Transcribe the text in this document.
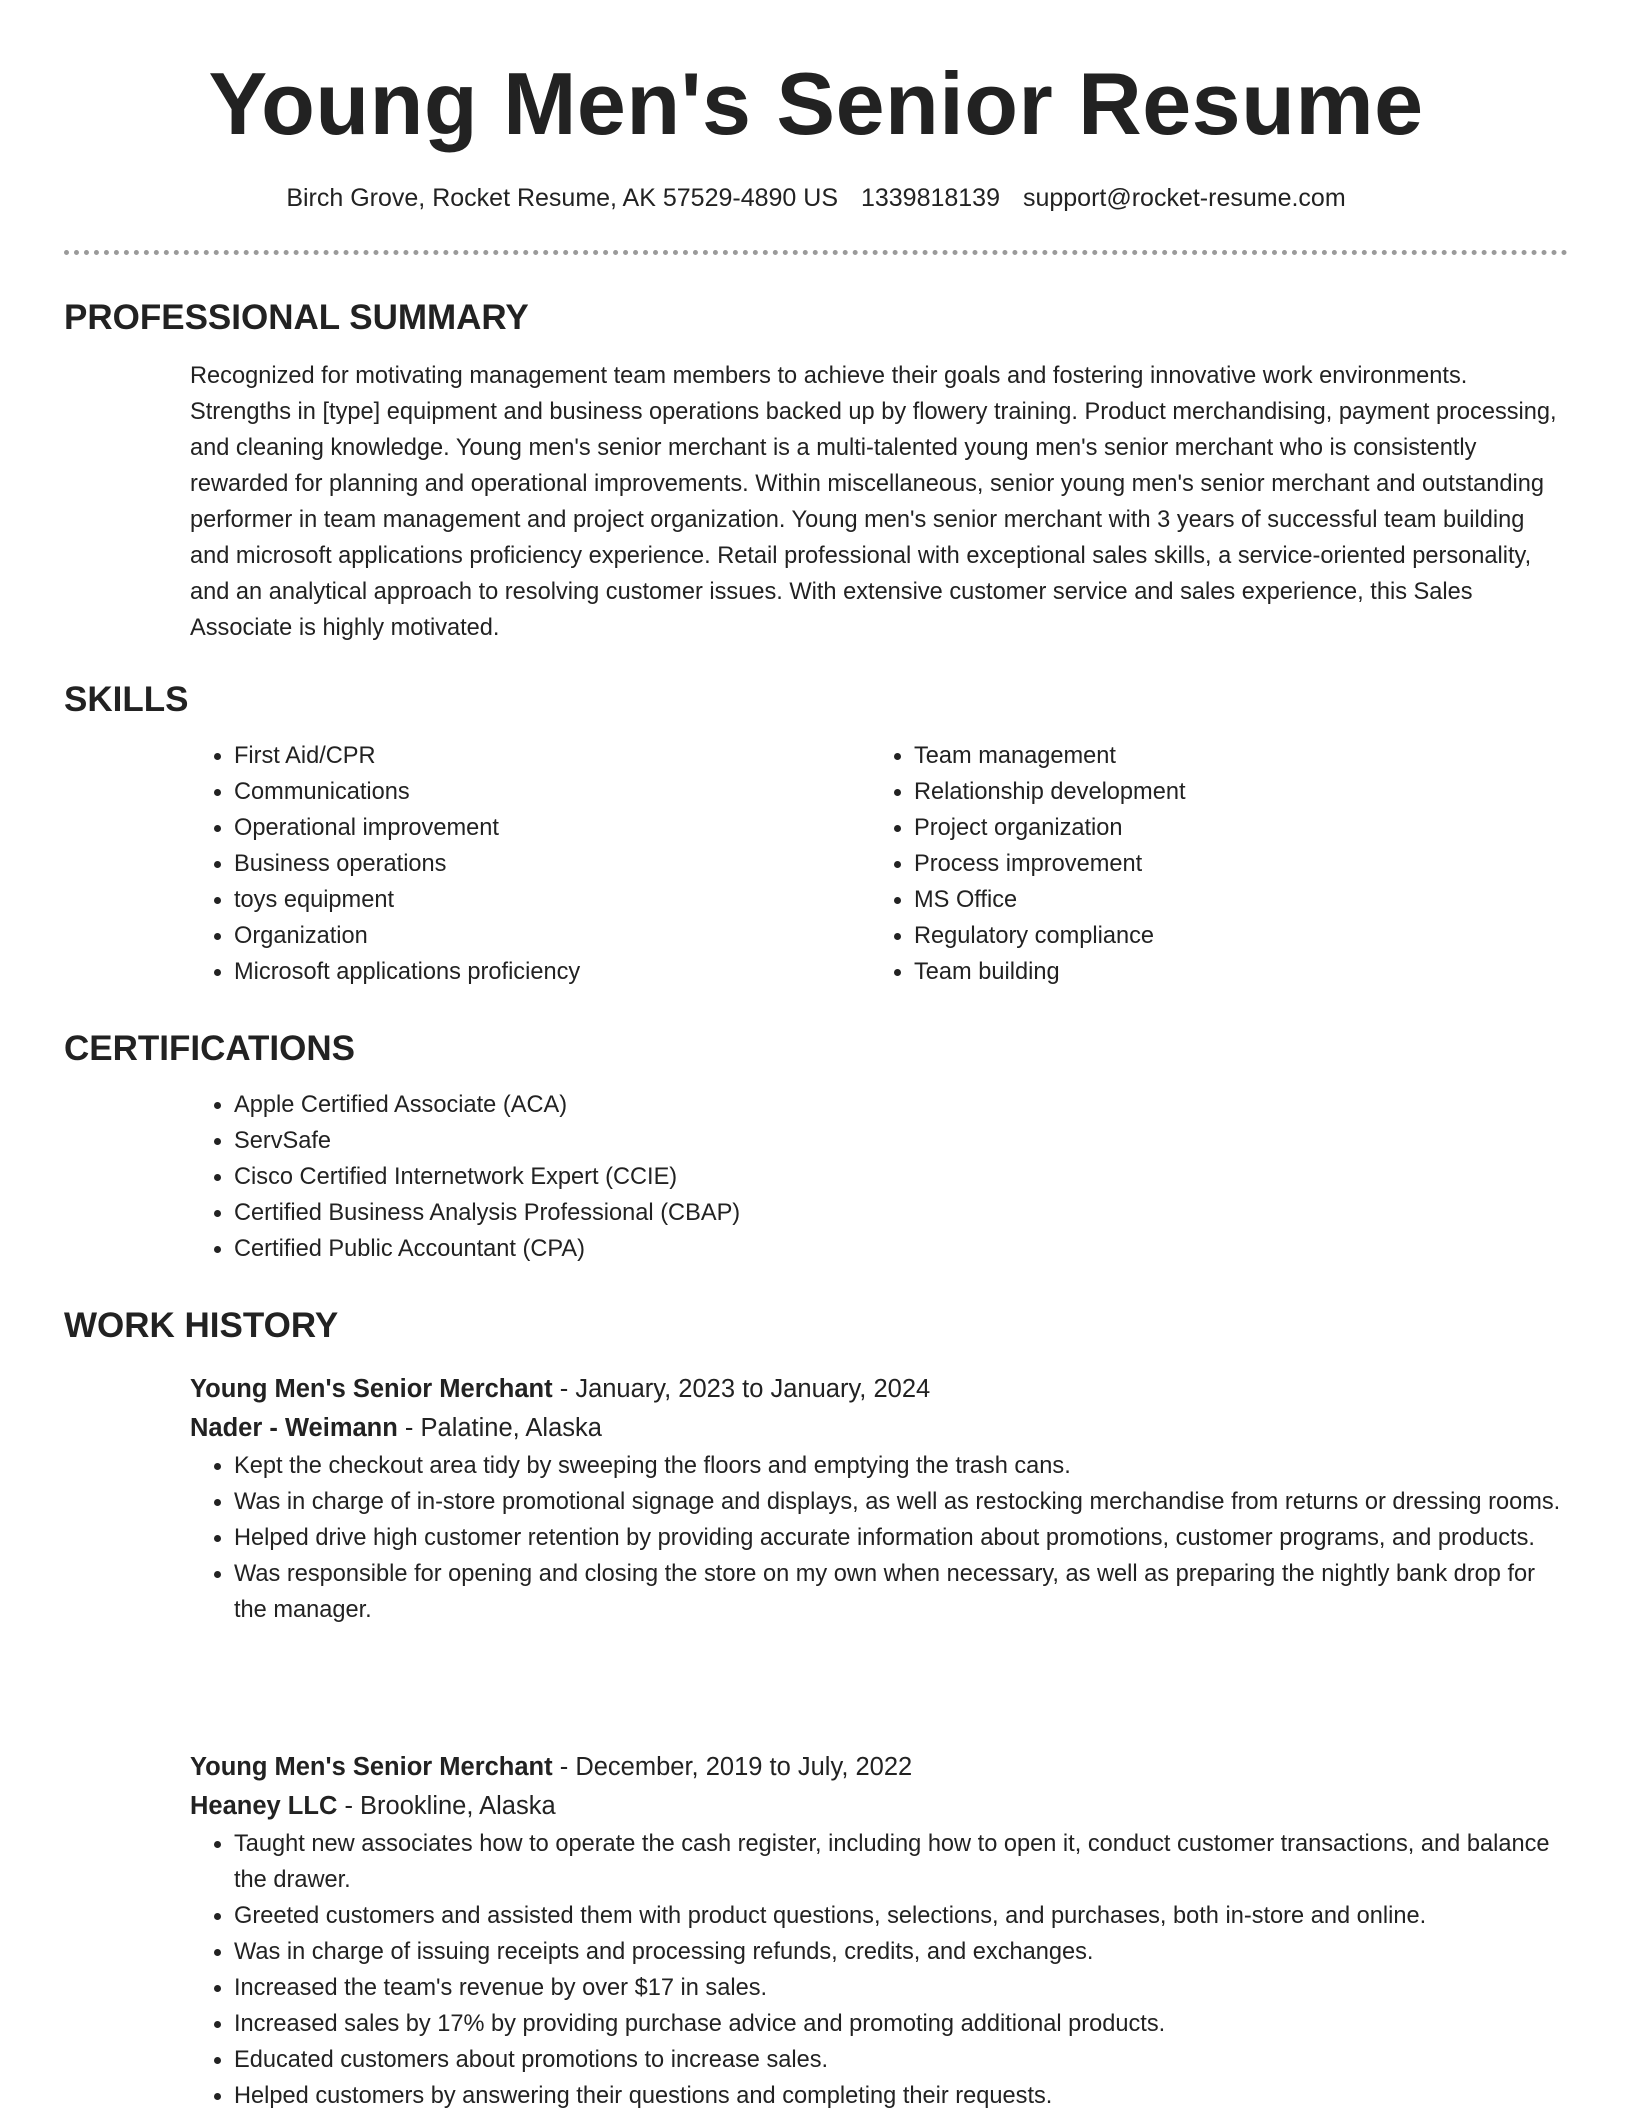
Young Men's Senior Resume
Birch Grove, Rocket Resume, AK 57529-4890 US 1339818139 support@rocket-resume.com
PROFESSIONAL SUMMARY
Recognized for motivating management team members to achieve their goals and fostering innovative work environments. Strengths in [type] equipment and business operations backed up by flowery training. Product merchandising, payment processing, and cleaning knowledge. Young men's senior merchant is a multi-talented young men's senior merchant who is consistently rewarded for planning and operational improvements. Within miscellaneous, senior young men's senior merchant and outstanding performer in team management and project organization. Young men's senior merchant with 3 years of successful team building and microsoft applications proficiency experience. Retail professional with exceptional sales skills, a service-oriented personality, and an analytical approach to resolving customer issues. With extensive customer service and sales experience, this Sales Associate is highly motivated.
SKILLS
• First Aid/CPR
• Communications
• Operational improvement
• Business operations
• toys equipment
• Organization
• Microsoft applications proficiency
• Team management
• Relationship development
• Project organization
• Process improvement
• MS Office
• Regulatory compliance
• Team building
CERTIFICATIONS
• Apple Certified Associate (ACA)
• ServSafe
• Cisco Certified Internetwork Expert (CCIE)
• Certified Business Analysis Professional (CBAP)
• Certified Public Accountant (CPA)
WORK HISTORY
Young Men's Senior Merchant - January, 2023 to January, 2024
Nader - Weimann - Palatine, Alaska
• Kept the checkout area tidy by sweeping the floors and emptying the trash cans.
• Was in charge of in-store promotional signage and displays, as well as restocking merchandise from returns or dressing rooms.
• Helped drive high customer retention by providing accurate information about promotions, customer programs, and products.
• Was responsible for opening and closing the store on my own when necessary, as well as preparing the nightly bank drop for the manager.
Young Men's Senior Merchant - December, 2019 to July, 2022
Heaney LLC - Brookline, Alaska
• Taught new associates how to operate the cash register, including how to open it, conduct customer transactions, and balance the drawer.
• Greeted customers and assisted them with product questions, selections, and purchases, both in-store and online.
• Was in charge of issuing receipts and processing refunds, credits, and exchanges.
• Increased the team's revenue by over $17 in sales.
• Increased sales by 17% by providing purchase advice and promoting additional products.
• Educated customers about promotions to increase sales.
• Helped customers by answering their questions and completing their requests.
